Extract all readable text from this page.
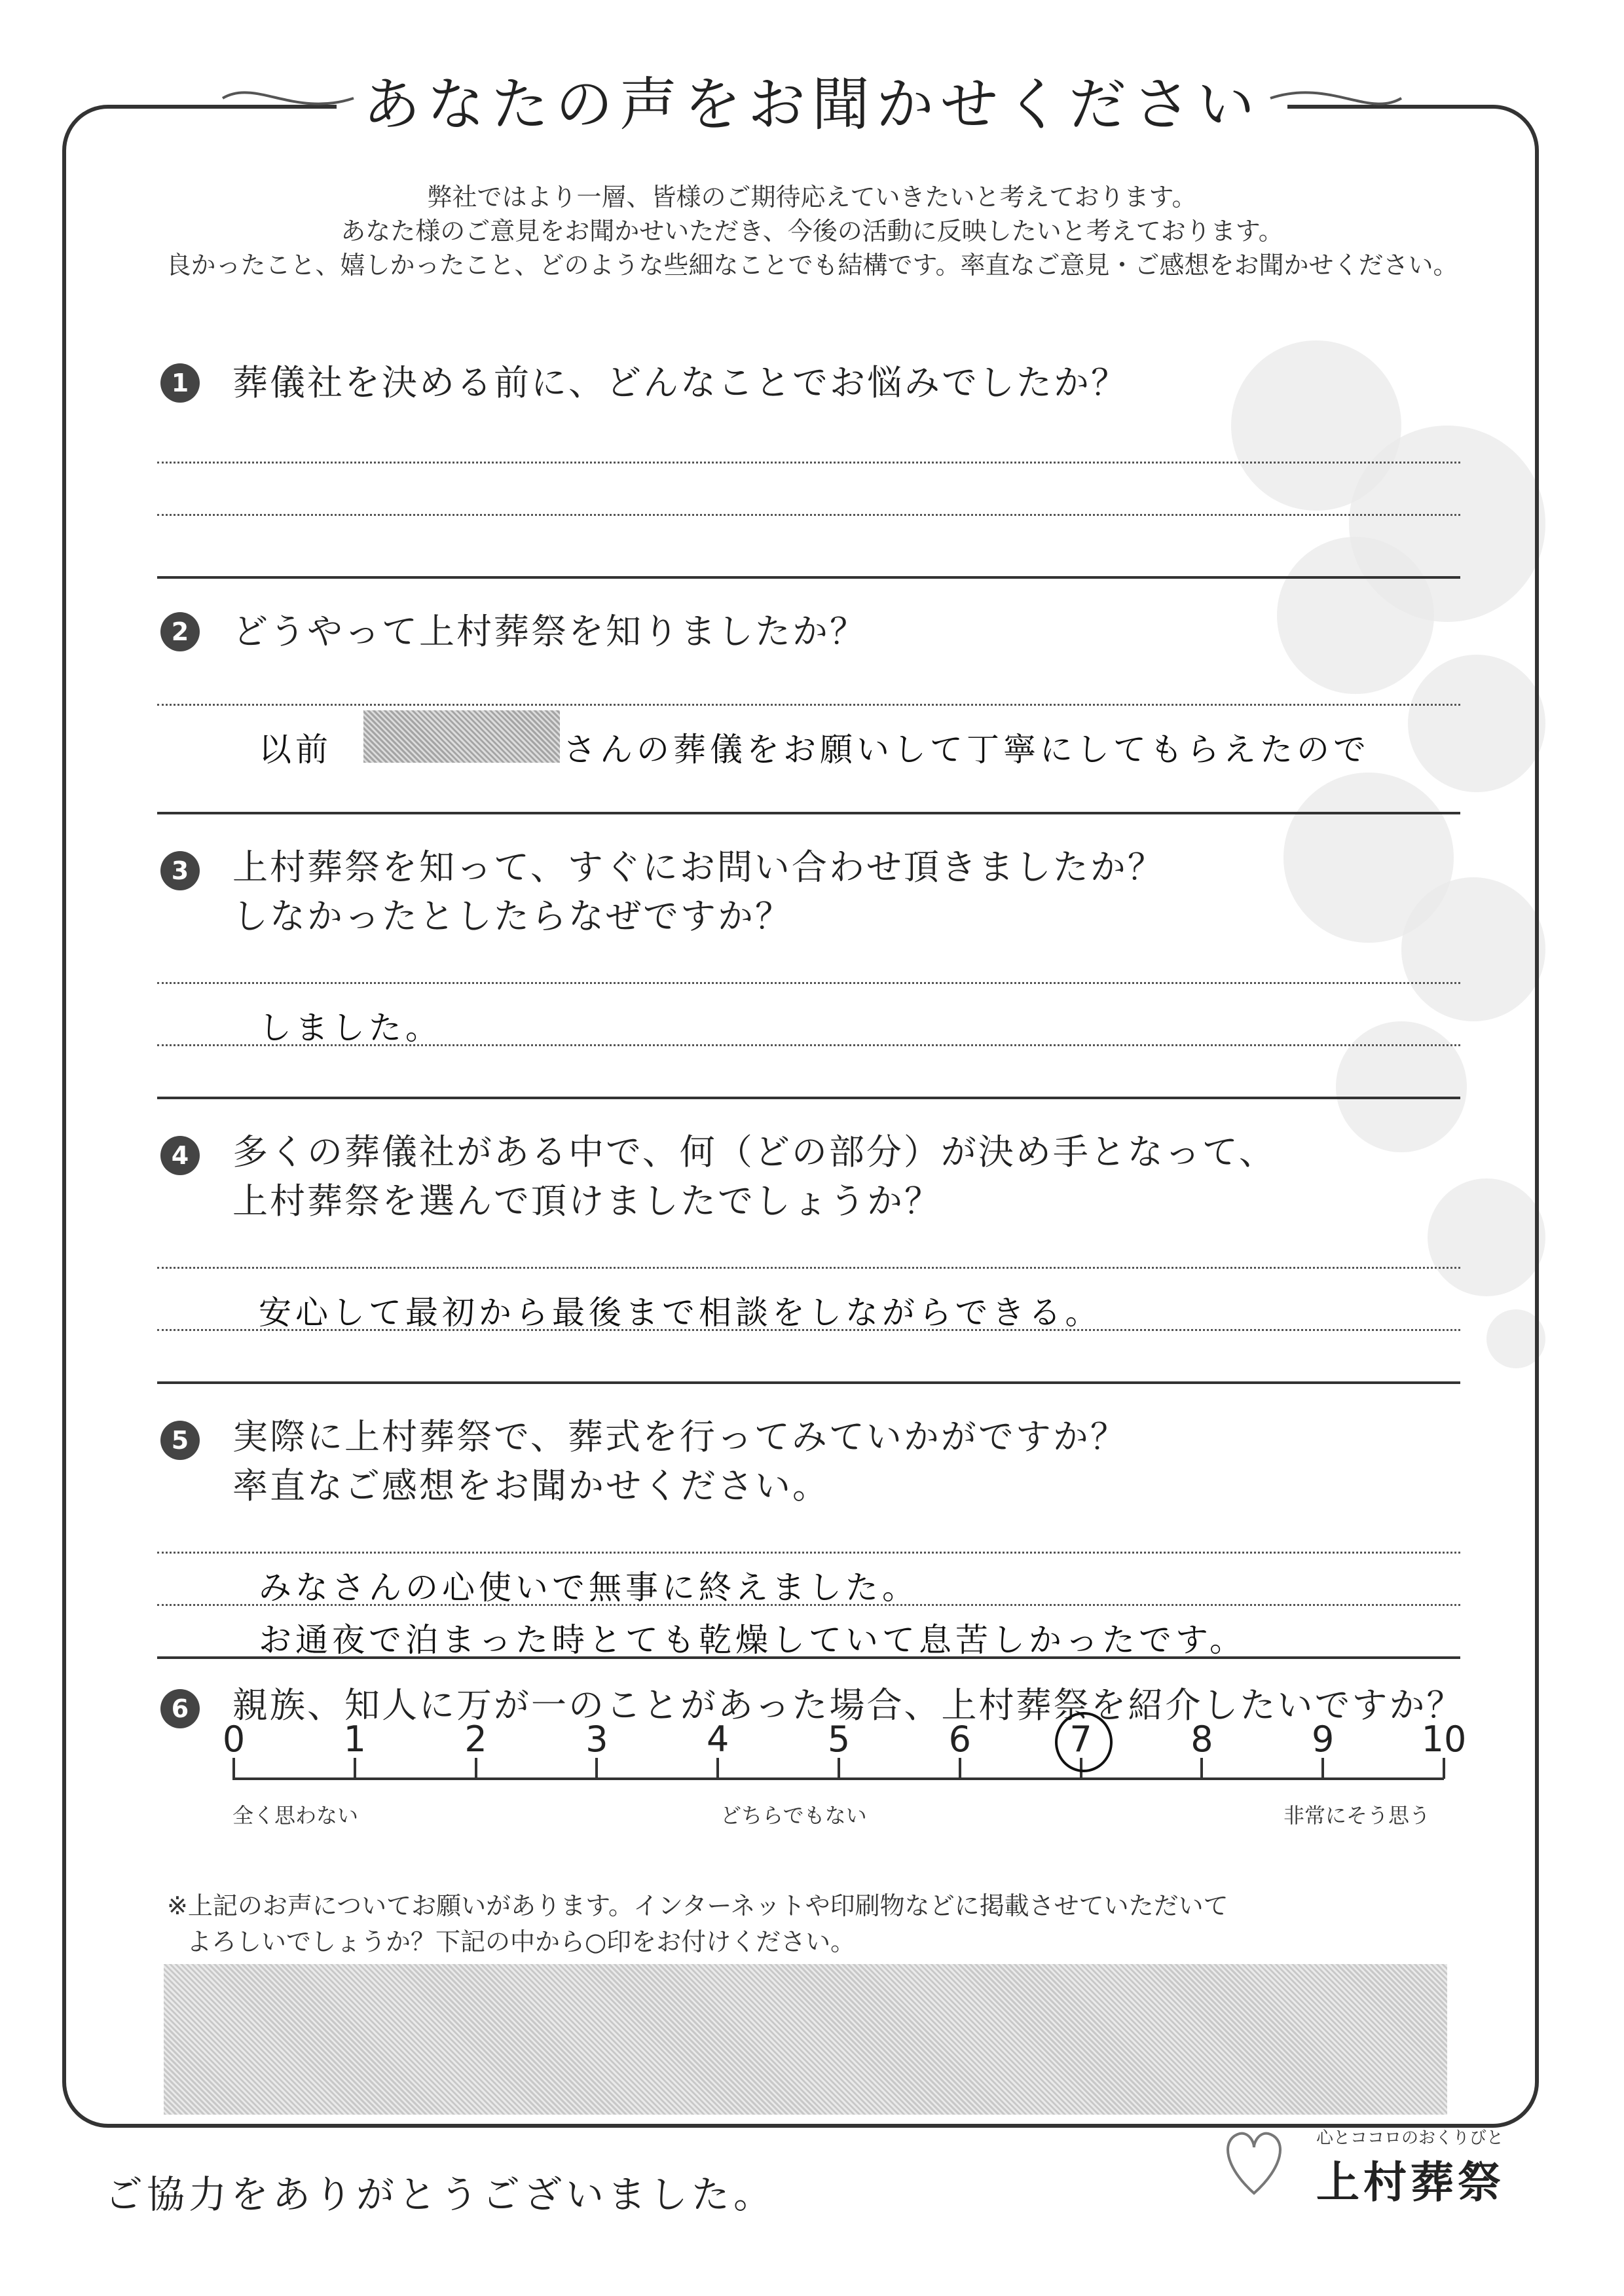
あなたの声をお聞かせください
弊社ではより一層、皆様のご期待応えていきたいと考えております。
あなた様のご意見をお聞かせいただき、今後の活動に反映したいと考えております。
良かったこと、嬉しかったこと、どのような些細なことでも結構です。率直なご意見・ご感想をお聞かせください。
1	葬儀社を決める前に、どんなことでお悩みでしたか？
2	どうやって上村葬祭を知りましたか？
以前	さんの葬儀をお願いして丁寧にしてもらえたので
3	上村葬祭を知って、すぐにお問い合わせ頂きましたか？
しなかったとしたらなぜですか？
しました。
4	多くの葬儀社がある中で、何（どの部分）が決め手となって、
上村葬祭を選んで頂けましたでしょうか？
安心して最初から最後まで相談をしながらできる。
5	実際に上村葬祭で、葬式を行ってみていかがですか？
率直なご感想をお聞かせください。
みなさんの心使いで無事に終えました。
お通夜で泊まった時とても乾燥していて息苦しかったです。
6	親族、知人に万が一のことがあった場合、上村葬祭を紹介したいですか？
0	1	2	3	4	5	6	7	8	9	10
全く思わない	どちらでもない	非常にそう思う
※上記のお声についてお願いがあります。インターネットや印刷物などに掲載させていただいて
よろしいでしょうか？下記の中から○印をお付けください。
ご協力をありがとうございました。
心とココロのおくりびと
上村葬祭
